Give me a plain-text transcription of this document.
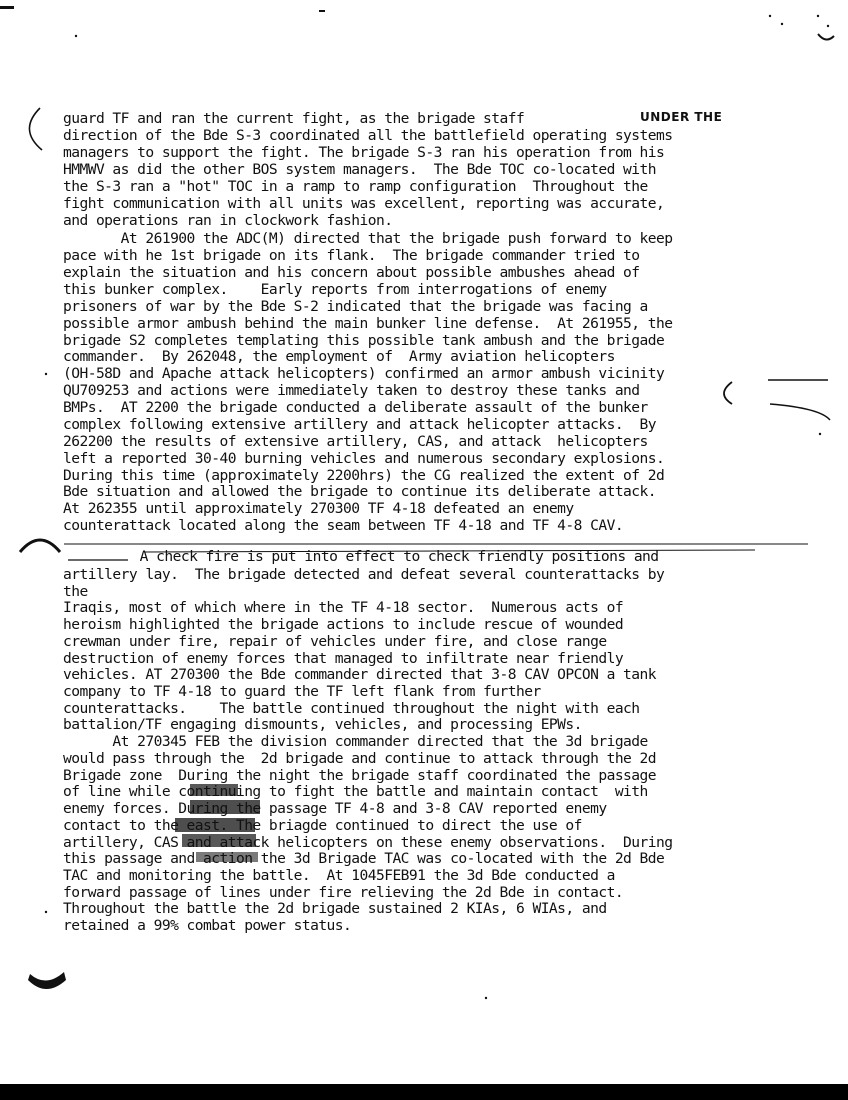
UNDER THE

guard TF and ran the current fight, as the brigade staff

direction of the Bde S-3 coordinated all the battlefield operating systems

managers to support the fight. The brigade S-3 ran his operation from his

HMMWV as did the other BOS system managers.  The Bde TOC co-located with

the S-3 ran a "hot" TOC in a ramp to ramp configuration  Throughout the

fight communication with all units was excellent, reporting was accurate,

and operations ran in clockwork fashion.

At 261900 the ADC(M) directed that the brigade push forward to keep

pace with he 1st brigade on its flank.  The brigade commander tried to

explain the situation and his concern about possible ambushes ahead of

this bunker complex.    Early reports from interrogations of enemy

prisoners of war by the Bde S-2 indicated that the brigade was facing a

possible armor ambush behind the main bunker line defense.  At 261955, the

brigade S2 completes templating this possible tank ambush and the brigade

commander.  By 262048, the employment of  Army aviation helicopters

(OH-58D and Apache attack helicopters) confirmed an armor ambush vicinity

QU709253 and actions were immediately taken to destroy these tanks and

BMPs.  AT 2200 the brigade conducted a deliberate assault of the bunker

complex following extensive artillery and attack helicopter attacks.  By

262200 the results of extensive artillery, CAS, and attack  helicopters

left a reported 30-40 burning vehicles and numerous secondary explosions.

During this time (approximately 2200hrs) the CG realized the extent of 2d

Bde situation and allowed the brigade to continue its deliberate attack.

At 262355 until approximately 270300 TF 4-18 defeated an enemy

counterattack located along the seam between TF 4-18 and TF 4-8 CAV.

A check fire is put into effect to check friendly positions and

artillery lay.  The brigade detected and defeat several counterattacks by

the

Iraqis, most of which where in the TF 4-18 sector.  Numerous acts of

heroism highlighted the brigade actions to include rescue of wounded

crewman under fire, repair of vehicles under fire, and close range

destruction of enemy forces that managed to infiltrate near friendly

vehicles. AT 270300 the Bde commander directed that 3-8 CAV OPCON a tank

company to TF 4-18 to guard the TF left flank from further

counterattacks.    The battle continued throughout the night with each

battalion/TF engaging dismounts, vehicles, and processing EPWs.

At 270345 FEB the division commander directed that the 3d brigade

would pass through the  2d brigade and continue to attack through the 2d

Brigade zone  During the night the brigade staff coordinated the passage

of line while continuing to fight the battle and maintain contact  with

enemy forces. During the passage TF 4-8 and 3-8 CAV reported enemy

contact to the east. The briagde continued to direct the use of

artillery, CAS and attack helicopters on these enemy observations.  During

this passage and action the 3d Brigade TAC was co-located with the 2d Bde

TAC and monitoring the battle.  At 1045FEB91 the 3d Bde conducted a

forward passage of lines under fire relieving the 2d Bde in contact.

Throughout the battle the 2d brigade sustained 2 KIAs, 6 WIAs, and

retained a 99% combat power status.
